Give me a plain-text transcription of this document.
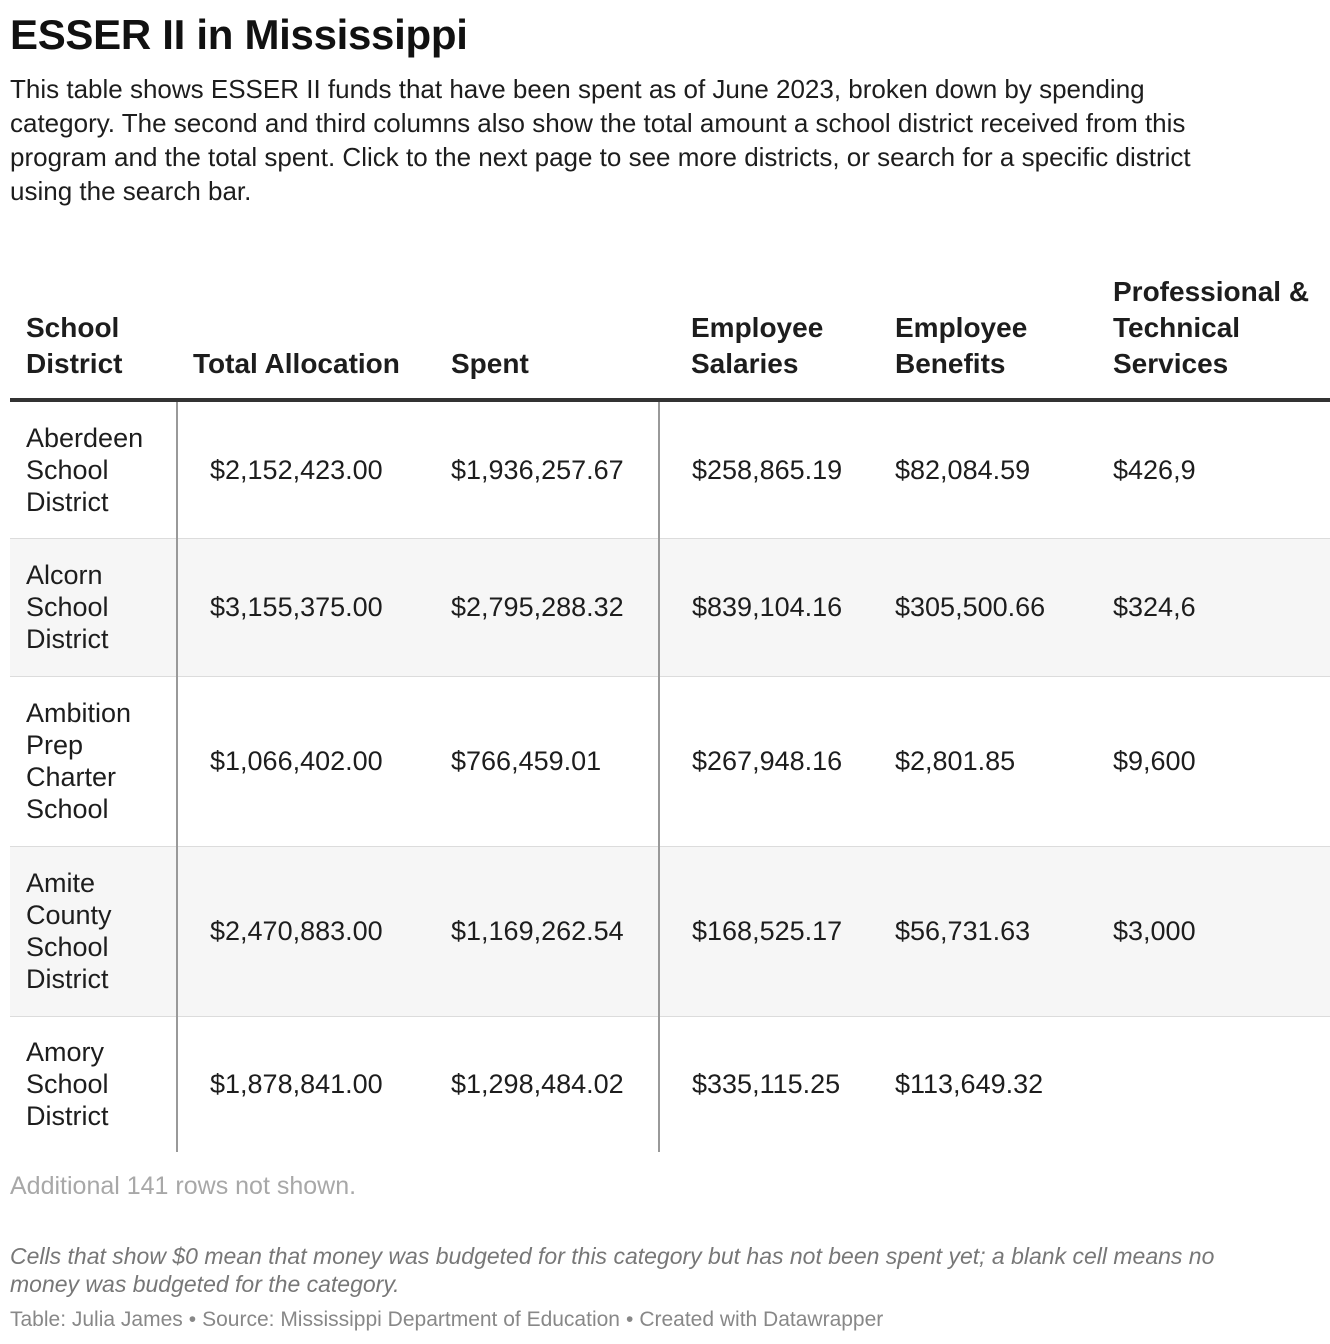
ESSER II in Mississippi

This table shows ESSER II funds that have been spent as of June 2023, broken down by spending category. The second and third columns also show the total amount a school district received from this program and the total spent. Click to the next page to see more districts, or search for a specific district using the search bar.

School District	Total Allocation	Spent	Employee Salaries	Employee Benefits	Professional & Technical Services
Aberdeen School District	$2,152,423.00	$1,936,257.67	$258,865.19	$82,084.59	$426,9
Alcorn School District	$3,155,375.00	$2,795,288.32	$839,104.16	$305,500.66	$324,6
Ambition Prep Charter School	$1,066,402.00	$766,459.01	$267,948.16	$2,801.85	$9,600
Amite County School District	$2,470,883.00	$1,169,262.54	$168,525.17	$56,731.63	$3,000
Amory School District	$1,878,841.00	$1,298,484.02	$335,115.25	$113,649.32	

Additional 141 rows not shown.

Cells that show $0 mean that money was budgeted for this category but has not been spent yet; a blank cell means no money was budgeted for the category.

Table: Julia James • Source: Mississippi Department of Education • Created with Datawrapper
